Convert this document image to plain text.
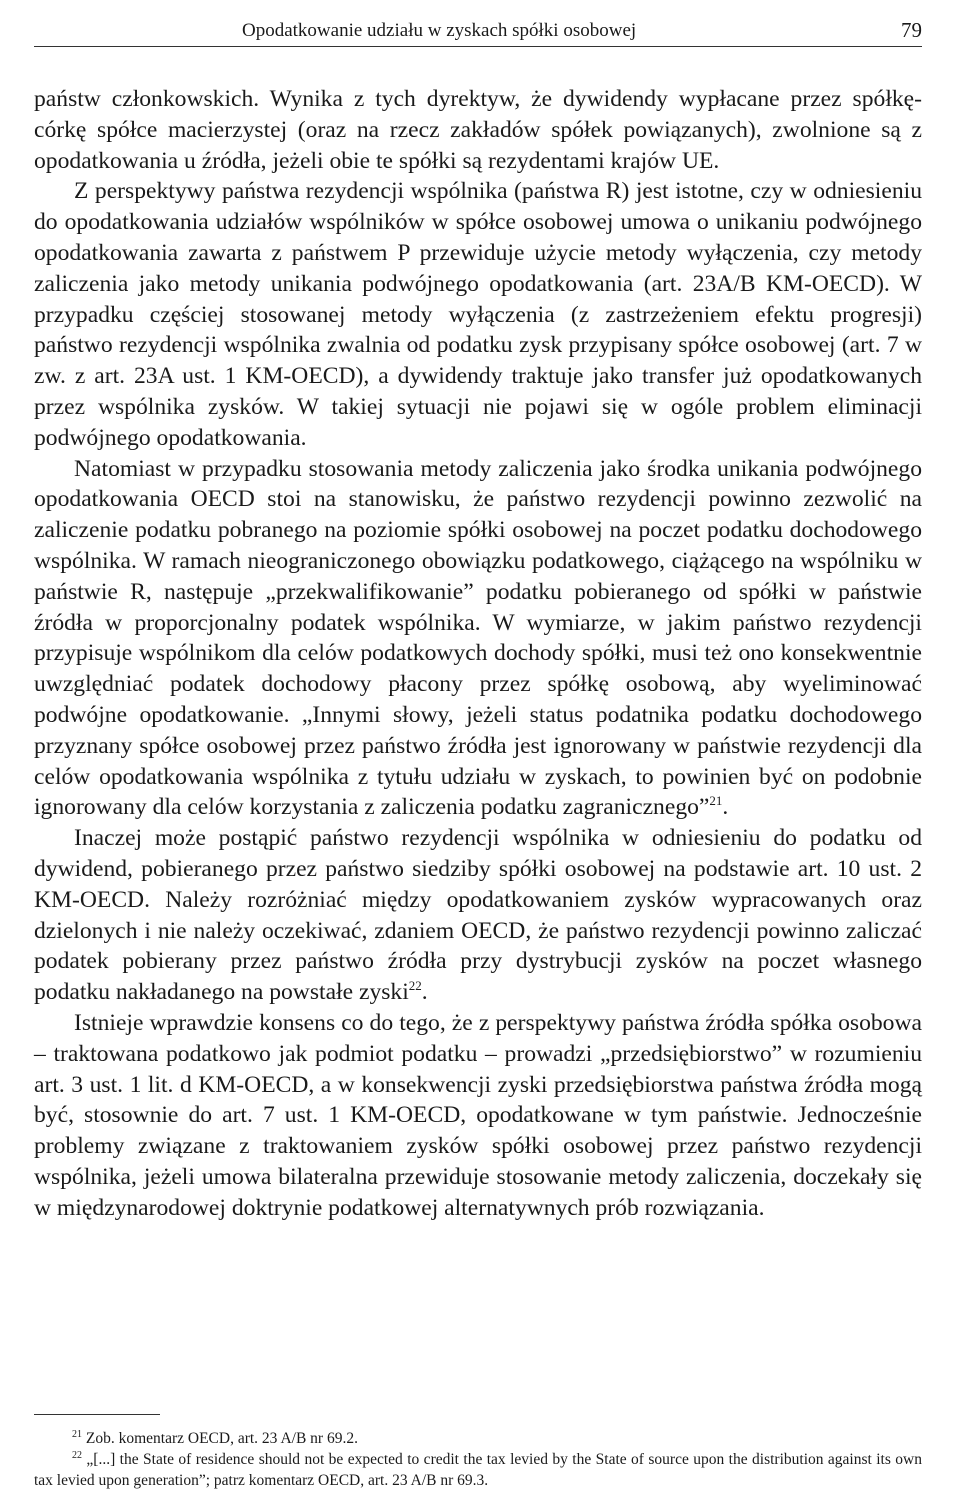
Opodatkowanie udziału w zyskach spółki osobowej	79

państw członkowskich. Wynika z tych dyrektyw, że dywidendy wypłacane przez spółkę-córkę spółce macierzystej (oraz na rzecz zakładów spółek powiązanych), zwolnione są z opodatkowania u źródła, jeżeli obie te spółki są rezydentami krajów UE.

Z perspektywy państwa rezydencji wspólnika (państwa R) jest istotne, czy w odniesieniu do opodatkowania udziałów wspólników w spółce osobowej umowa o unikaniu podwójnego opodatkowania zawarta z państwem P przewiduje użycie metody wyłączenia, czy metody zaliczenia jako metody unikania podwójnego opodatkowania (art. 23A/B KM-OECD). W przypadku częściej stosowanej metody wyłączenia (z zastrzeżeniem efektu progresji) państwo rezydencji wspólnika zwalnia od podatku zysk przypisany spółce osobowej (art. 7 w zw. z art. 23A ust. 1 KM-OECD), a dywidendy traktuje jako transfer już opodatkowanych przez wspólnika zysków. W takiej sytuacji nie pojawi się w ogóle problem eliminacji podwójnego opodatkowania.

Natomiast w przypadku stosowania metody zaliczenia jako środka unikania podwójnego opodatkowania OECD stoi na stanowisku, że państwo rezydencji powinno zezwolić na zaliczenie podatku pobranego na poziomie spółki osobowej na poczet podatku dochodowego wspólnika. W ramach nieograniczonego obowiązku podatkowego, ciążącego na wspólniku w państwie R, następuje „przekwalifikowanie” podatku pobieranego od spółki w państwie źródła w proporcjonalny podatek wspólnika. W wymiarze, w jakim państwo rezydencji przypisuje wspólnikom dla celów podatkowych dochody spółki, musi też ono konsekwentnie uwzględniać podatek dochodowy płacony przez spółkę osobową, aby wyeliminować podwójne opodatkowanie. „Innymi słowy, jeżeli status podatnika podatku dochodowego przyznany spółce osobowej przez państwo źródła jest ignorowany w państwie rezydencji dla celów opodatkowania wspólnika z tytułu udziału w zyskach, to powinien być on podobnie ignorowany dla celów korzystania z zaliczenia podatku zagranicznego”$^{21}$.

Inaczej może postąpić państwo rezydencji wspólnika w odniesieniu do podatku od dywidend, pobieranego przez państwo siedziby spółki osobowej na podstawie art. 10 ust. 2 KM-OECD. Należy rozróżniać między opodatkowaniem zysków wypracowanych oraz dzielonych i nie należy oczekiwać, zdaniem OECD, że państwo rezydencji powinno zaliczać podatek pobierany przez państwo źródła przy dystrybucji zysków na poczet własnego podatku nakładanego na powstałe zyski$^{22}$.

Istnieje wprawdzie konsens co do tego, że z perspektywy państwa źródła spółka osobowa – traktowana podatkowo jak podmiot podatku – prowadzi „przedsiębiorstwo” w rozumieniu art. 3 ust. 1 lit. d KM-OECD, a w konsekwencji zyski przedsiębiorstwa państwa źródła mogą być, stosownie do art. 7 ust. 1 KM-OECD, opodatkowane w tym państwie. Jednocześnie problemy związane z traktowaniem zysków spółki osobowej przez państwo rezydencji wspólnika, jeżeli umowa bilateralna przewiduje stosowanie metody zaliczenia, doczekały się w międzynarodowej doktrynie podatkowej alternatywnych prób rozwiązania.

$^{21}$ Zob. komentarz OECD, art. 23 A/B nr 69.2.

$^{22}$ „[...] the State of residence should not be expected to credit the tax levied by the State of source upon the distribution against its own tax levied upon generation”; patrz komentarz OECD, art. 23 A/B nr 69.3.
